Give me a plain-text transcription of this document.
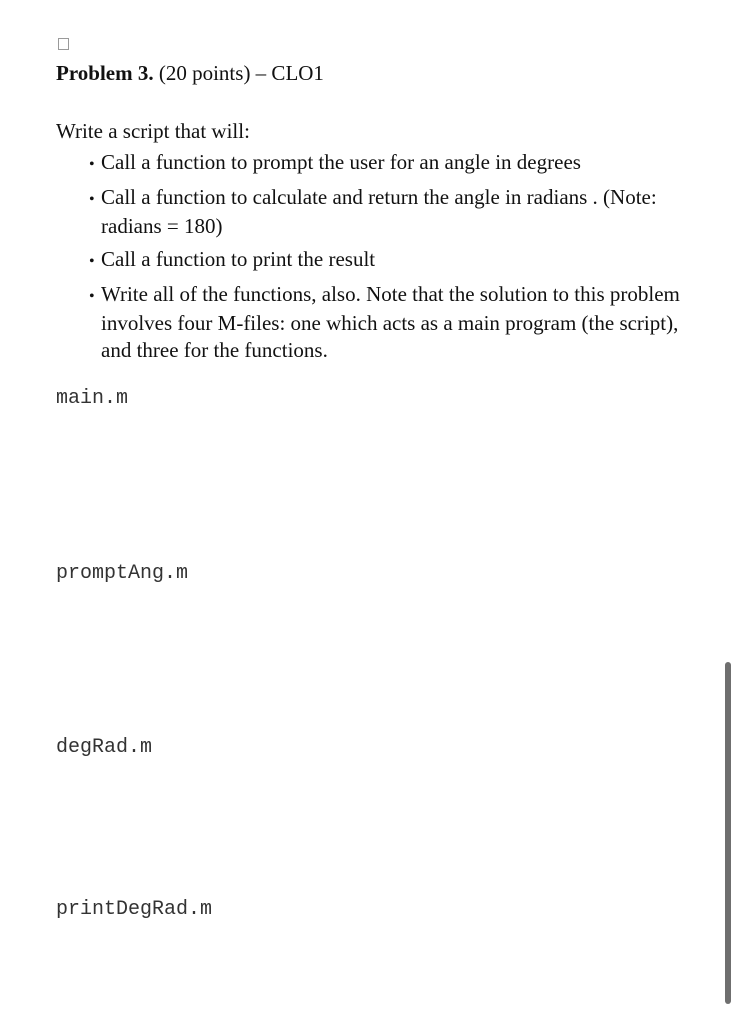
Problem 3. (20 points) – CLO1
Write a script that will:
• Call a function to prompt the user for an angle in degrees
• Call a function to calculate and return the angle in radians . (Note: radians = 180)
• Call a function to print the result
• Write all of the functions, also. Note that the solution to this problem involves four M-files: one which acts as a main program (the script), and three for the functions.
main.m
promptAng.m
degRad.m
printDegRad.m
